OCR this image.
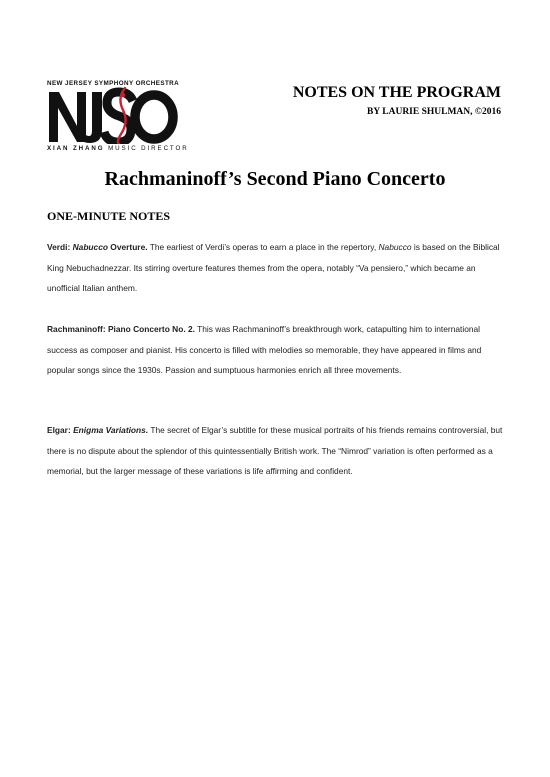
NEW JERSEY SYMPHONY ORCHESTRA
XIAN ZHANG MUSIC DIRECTOR
NOTES ON THE PROGRAM
BY LAURIE SHULMAN, ©2016
Rachmaninoff’s Second Piano Concerto
ONE-MINUTE NOTES
Verdi: Nabucco Overture. The earliest of Verdi’s operas to earn a place in the repertory, Nabucco is based on the Biblical King Nebuchadnezzar. Its stirring overture features themes from the opera, notably “Va pensiero,” which became an unofficial Italian anthem.
Rachmaninoff: Piano Concerto No. 2. This was Rachmaninoff’s breakthrough work, catapulting him to international success as composer and pianist. His concerto is filled with melodies so memorable, they have appeared in films and popular songs since the 1930s. Passion and sumptuous harmonies enrich all three movements.
Elgar: Enigma Variations. The secret of Elgar’s subtitle for these musical portraits of his friends remains controversial, but there is no dispute about the splendor of this quintessentially British work. The “Nimrod” variation is often performed as a memorial, but the larger message of these variations is life affirming and confident.
